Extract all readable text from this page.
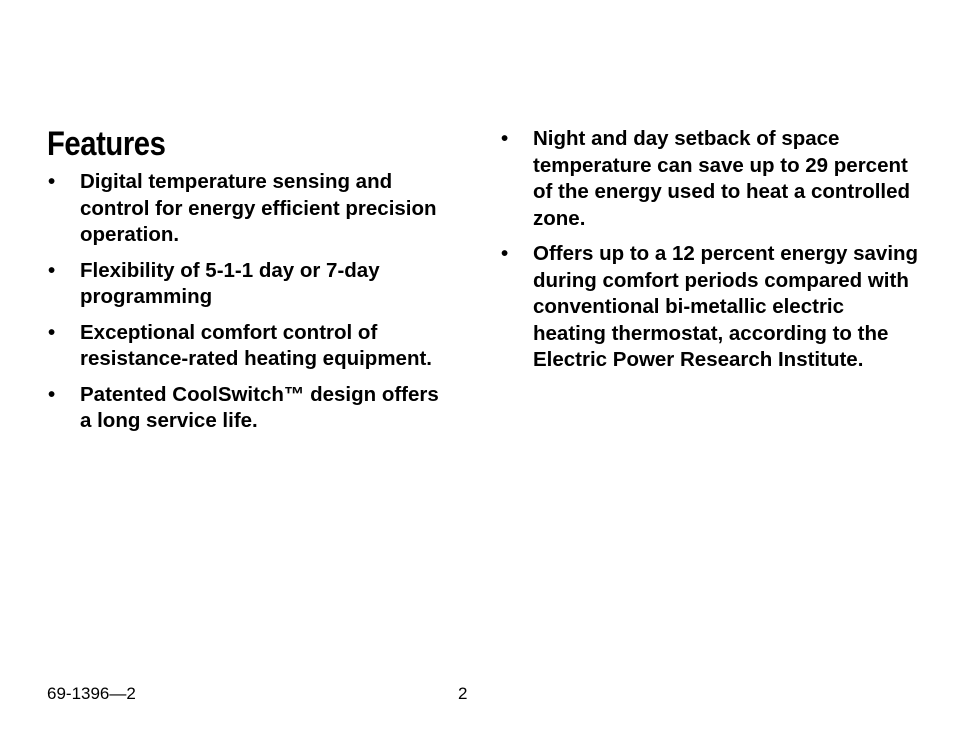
Features
• Digital temperature sensing and control for energy efficient precision operation.
• Flexibility of 5-1-1 day or 7-day programming
• Exceptional comfort control of resistance-rated heating equipment.
• Patented CoolSwitch™ design offers a long service life.
• Night and day setback of space temperature can save up to 29 percent of the energy used to heat a controlled zone.
• Offers up to a 12 percent energy saving during comfort periods compared with conventional bi-metallic electric heating thermostat, according to the Electric Power Research Institute.
69-1396—2	2
